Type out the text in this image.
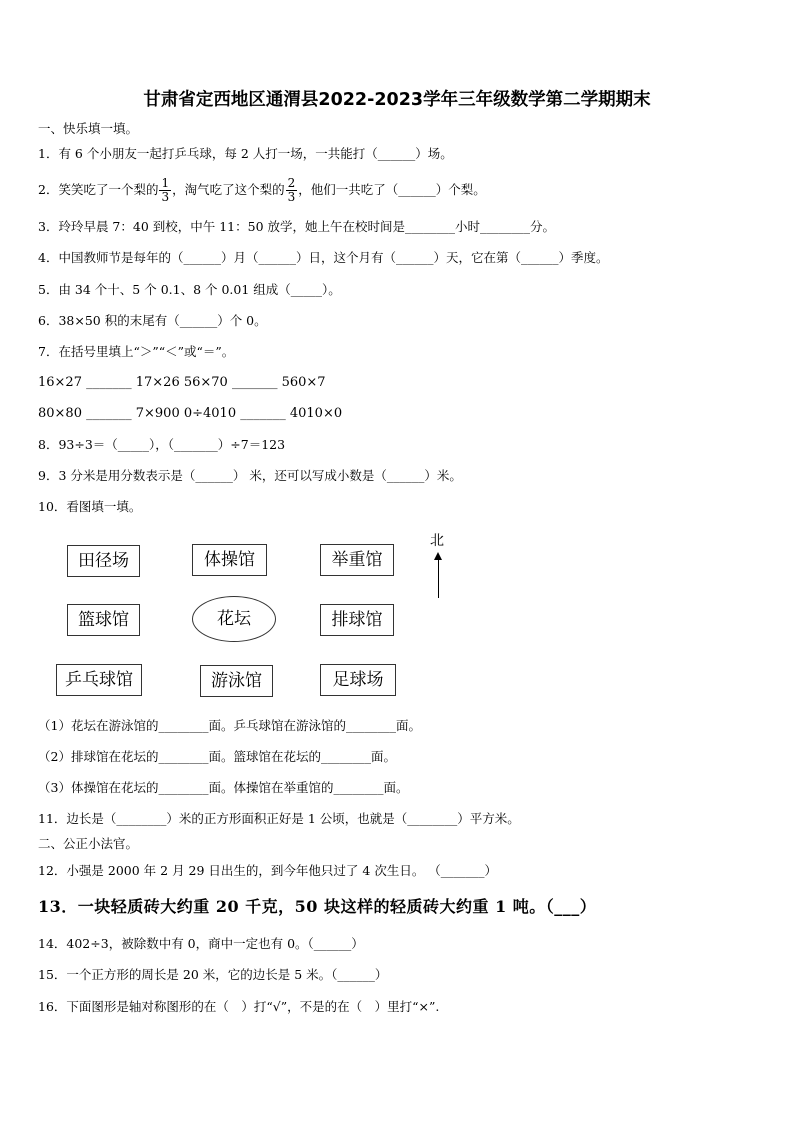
甘肃省定西地区通渭县2022-2023学年三年级数学第二学期期末
一、快乐填一填。
1．有 6 个小朋友一起打乒乓球，每 2 人打一场，一共能打（______）场。
2．笑笑吃了一个梨的 $\frac{1}{3}$ ，淘气吃了这个梨的 $\frac{2}{3}$ ，他们一共吃了（______）个梨。
3．玲玲早晨 7：40 到校，中午 11：50 放学，她上午在校时间是________小时________分。
4．中国教师节是每年的（______）月（______）日，这个月有（______）天，它在第（______）季度。
5．由 34 个十、5 个 0.1、8 个 0.01 组成（_____）。
6．38×50 积的末尾有（______）个 0。
7．在括号里填上“＞”“＜”或“＝”。
16×27 _______ 17×26 56×70 _______ 560×7
80×80 _______ 7×900 0÷4010 _______ 4010×0
8．93÷3＝（_____），（_______）÷7＝123
9．3 分米是用分数表示是（______） 米，还可以写成小数是（______）米。
10．看图填一填。
田径场	体操馆	举重馆
北
篮球馆	花坛	排球馆
乒乓球馆	游泳馆	足球场
（1）花坛在游泳馆的________面。乒乓球馆在游泳馆的________面。
（2）排球馆在花坛的________面。篮球馆在花坛的________面。
（3）体操馆在花坛的________面。体操馆在举重馆的________面。
11．边长是（________）米的正方形面积正好是 1 公顷，也就是（________）平方米。
二、公正小法官。
12．小强是 2000 年 2 月 29 日出生的，到今年他只过了 4 次生日。 （_______）
13．一块轻质砖大约重 20 千克，50 块这样的轻质砖大约重 1 吨。（___）
14．402÷3，被除数中有 0，商中一定也有 0。（______）
15．一个正方形的周长是 20 米，它的边长是 5 米。（______）
16．下面图形是轴对称图形的在（　）打“√”，不是的在（　）里打“×”.
